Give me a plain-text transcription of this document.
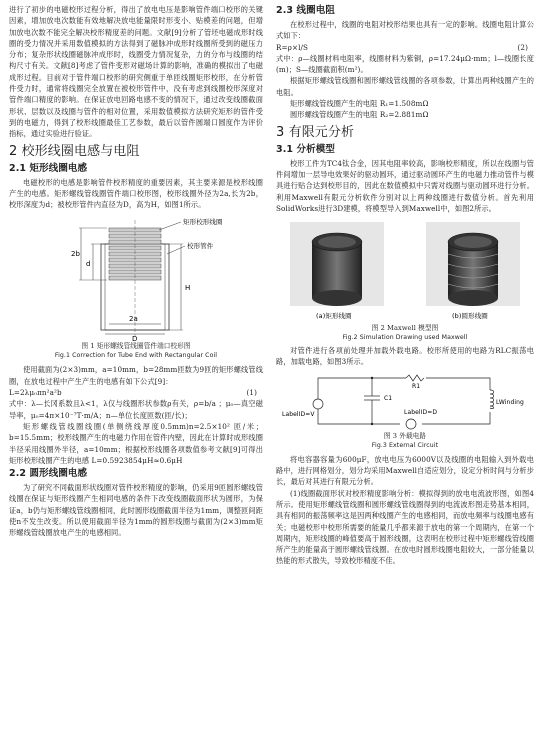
进行了初步的电磁校形过程分析，得出了放电电压是影响管件端口校形的关键因素，增加放电次数能有效地解决放电能量限时形变小、贴模差的问题，但增加放电次数不能完全解决校形精度差的问题。文献[9]分析了管坯电磁成形时线圈的受力情况并采用数值模拟的方法得到了磁脉冲成形时线圈所受到的磁压力分布；复杂形状线圈磁脉冲成形时，线圈受力情况复杂，力的分布与线圈的结构尺寸有关。文献[8]考虑了管件变形对磁场计算的影响，准确的模拟出了电磁成形过程。目前对于管件端口校形的研究侧重于单匝线圈矩形校形，在分析管件受力时，通常将线圈完全放置在被校形管件中，没有考虑到线圈校形深度对管件端口精度的影响。在保证放电回路电感不变的情况下，通过改变线圈截面形状、层数以及线圈与管件的相对位置，采用数值模拟方法研究矩形的管件受到的电磁力，得到了校形线圈最佳工艺参数，最后以管件圆端口圆度作为评价指标，通过实验进行验证。

2 校形线圈电感与电阻
2.1 矩形线圈电感

电磁校形的电感是影响管件校形精度的重要因素，其主要来源是校形线圈产生的电感。矩形螺线管线圈管件端口校形图，校形线圈外径为2a,长为2b，校形深度为d；被校形管件内直径为D，高为H，如图1所示。

矩形校形线圈
校形管件
2b
d
H
2a
D
图 1 矩形螺线管线圈管件端口校形图
Fig.1 Correction for Tube End with Rectangular Coil

使用截面为(2×3)mm，a=10mm，b=28mm匝数为9匝的矩形螺线管线圈，在放电过程中产生产生的电感有如下公式[9]：

L=2λμ₀πn²a²b	(1)

式中：λ—长冈系数且λ<1，λ仅与线圈形状参数ρ有关，ρ=b/a ；μ₀—真空磁导率，μ₀=4π×10⁻⁷T·m/A；n—单位长度匝数(匝/长)；

矩形螺线管线圈线圈(单侧绕线厚度0.5mm)n=2.5×10² 匝/米；b=15.5mm；校形线圈产生的电磁力作用在管件内壁，因此在计算时成形线圈半径采用线圈外半径，a=10mm；根据校形线圈各项数值参考文献[9]可得出矩形校形线圈产生的电感 L=0.5923854μH≈0.6μH

2.2 圆形线圈电感

为了研究不同截面形状线圈对管件校形精度的影响，仍采用9匝圆形螺线管线圈在保证与矩形线圈产生相同电感的条件下改变线圈截面形状为圆形，为保证a，b仍与矩形螺线管线圈相同，此时圆形线圈截面半径为1mm，调整匝间距使n不发生改变。所以使用截面半径为1mm的圆形线圈与截面为(2×3)mm矩形螺线管线圈放电产生的电感相同。

2.3 线圈电阻

在校形过程中，线圈的电阻对校形结果也具有一定的影响。线圈电阻计算公式如下：

R=ρ×l/S	(2)

式中：ρ—线圈材料电阻率，线圈材料为紫铜，ρ=17.24μΩ·mm；l—线圈长度(m)；S—线圈截面积(m²)。

根据矩形螺线管线圈和圆形螺线管线圈的各项参数，计算出两种线圈产生的电阻。

矩形螺线管线圈产生的电阻 R₁=1.508mΩ

圆形螺线管线圈产生的电阻 R₂=2.881mΩ

3 有限元分析
3.1 分析模型

校形工件为TC4钛合金，因其电阻率较高，影响校形精度，所以在线圈与管件间增加一层导电效果好的驱动圆环，通过驱动圆环产生的电磁力推动管件与模具进行贴合达到校形目的，因此在数值模拟中只需对线圈与驱动圆环进行分析。利用Maxwell有限元分析软件分别对以上两种线圈进行数值分析。首先利用SolidWorks进行3D建模，将模型导入到Maxwell中，如图2所示。

(a)矩形线圈	(b)圆形线圈
图 2 Maxwell 模型图
Fig.2 Simulation Drawing used Maxwell

对管件进行各项前处理并加载外载电路。校形所使用的电路为RLC振荡电路，加载电路，如图3所示。

LabelID=V
C1
R1
LWinding
LabelID=D
图 3 外载电路
Fig.3 External Circuit

将电容器容量为600μF，放电电压为6000V以及线圈的电阻输入到外载电路中，进行网格划分，划分均采用Maxwell自适应划分，设定分析时间与分析步长，最后对其进行有限元分析。

(1)线圈截面形状对校形精度影响分析：模拟得到的放电电流波形图，如图4所示。使用矩形螺线管线圈和圆形螺线管线圈得到的电流波形图走势基本相同，具有相同的振荡频率这是因两种线圈产生的电感相同，而放电频率与线圈电感有关；电磁校形中校形所需要的能量几乎都来源于放电的第一个周期内，在第一个周期内，矩形线圈的峰值要高于圆形线圈，这表明在校形过程中矩形螺线管线圈所产生的能量高于圆形螺线管线圈。在放电时圆形线圈电阻较大，一部分能量以热能的形式散失，导致校形精度不佳。
